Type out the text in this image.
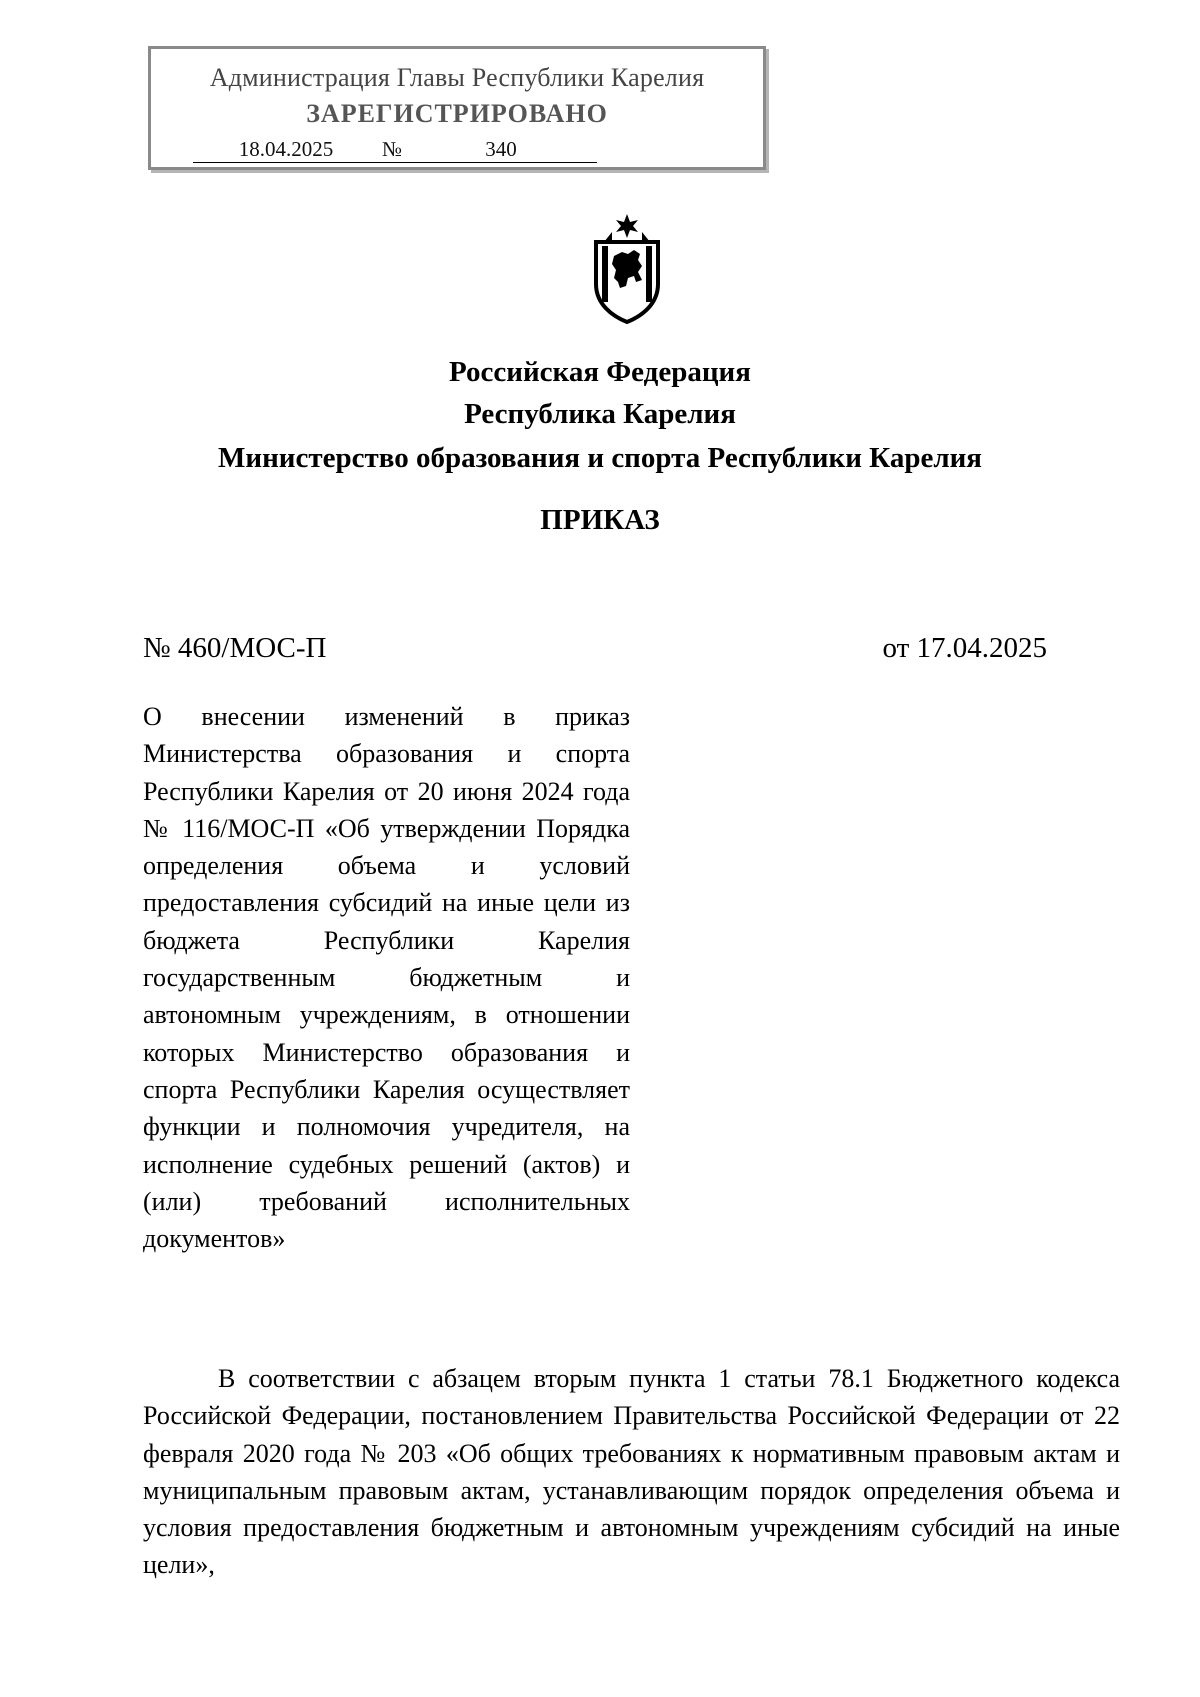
Администрация Главы Республики Карелия
ЗАРЕГИСТРИРОВАНО
18.04.2025 №	340
Российская Федерация
Республика Карелия
Министерство образования и спорта Республики Карелия
ПРИКАЗ
№ 460/МОС-П	от 17.04.2025
О внесении изменений в приказ Министерства образования и спорта Республики Карелия от 20 июня 2024 года № 116/МОС-П «Об утверждении Порядка определения объема и условий предоставления субсидий на иные цели из бюджета Республики Карелия государственным бюджетным и автономным учреждениям, в отношении которых Министерство образования и спорта Республики Карелия осуществляет функции и полномочия учредителя, на исполнение судебных решений (актов) и (или) требований исполнительных документов»
В соответствии с абзацем вторым пункта 1 статьи 78.1 Бюджетного кодекса Российской Федерации, постановлением Правительства Российской Федерации от 22 февраля 2020 года № 203 «Об общих требованиях к нормативным правовым актам и муниципальным правовым актам, устанавливающим порядок определения объема и условия предоставления бюджетным и автономным учреждениям субсидий на иные цели»,
